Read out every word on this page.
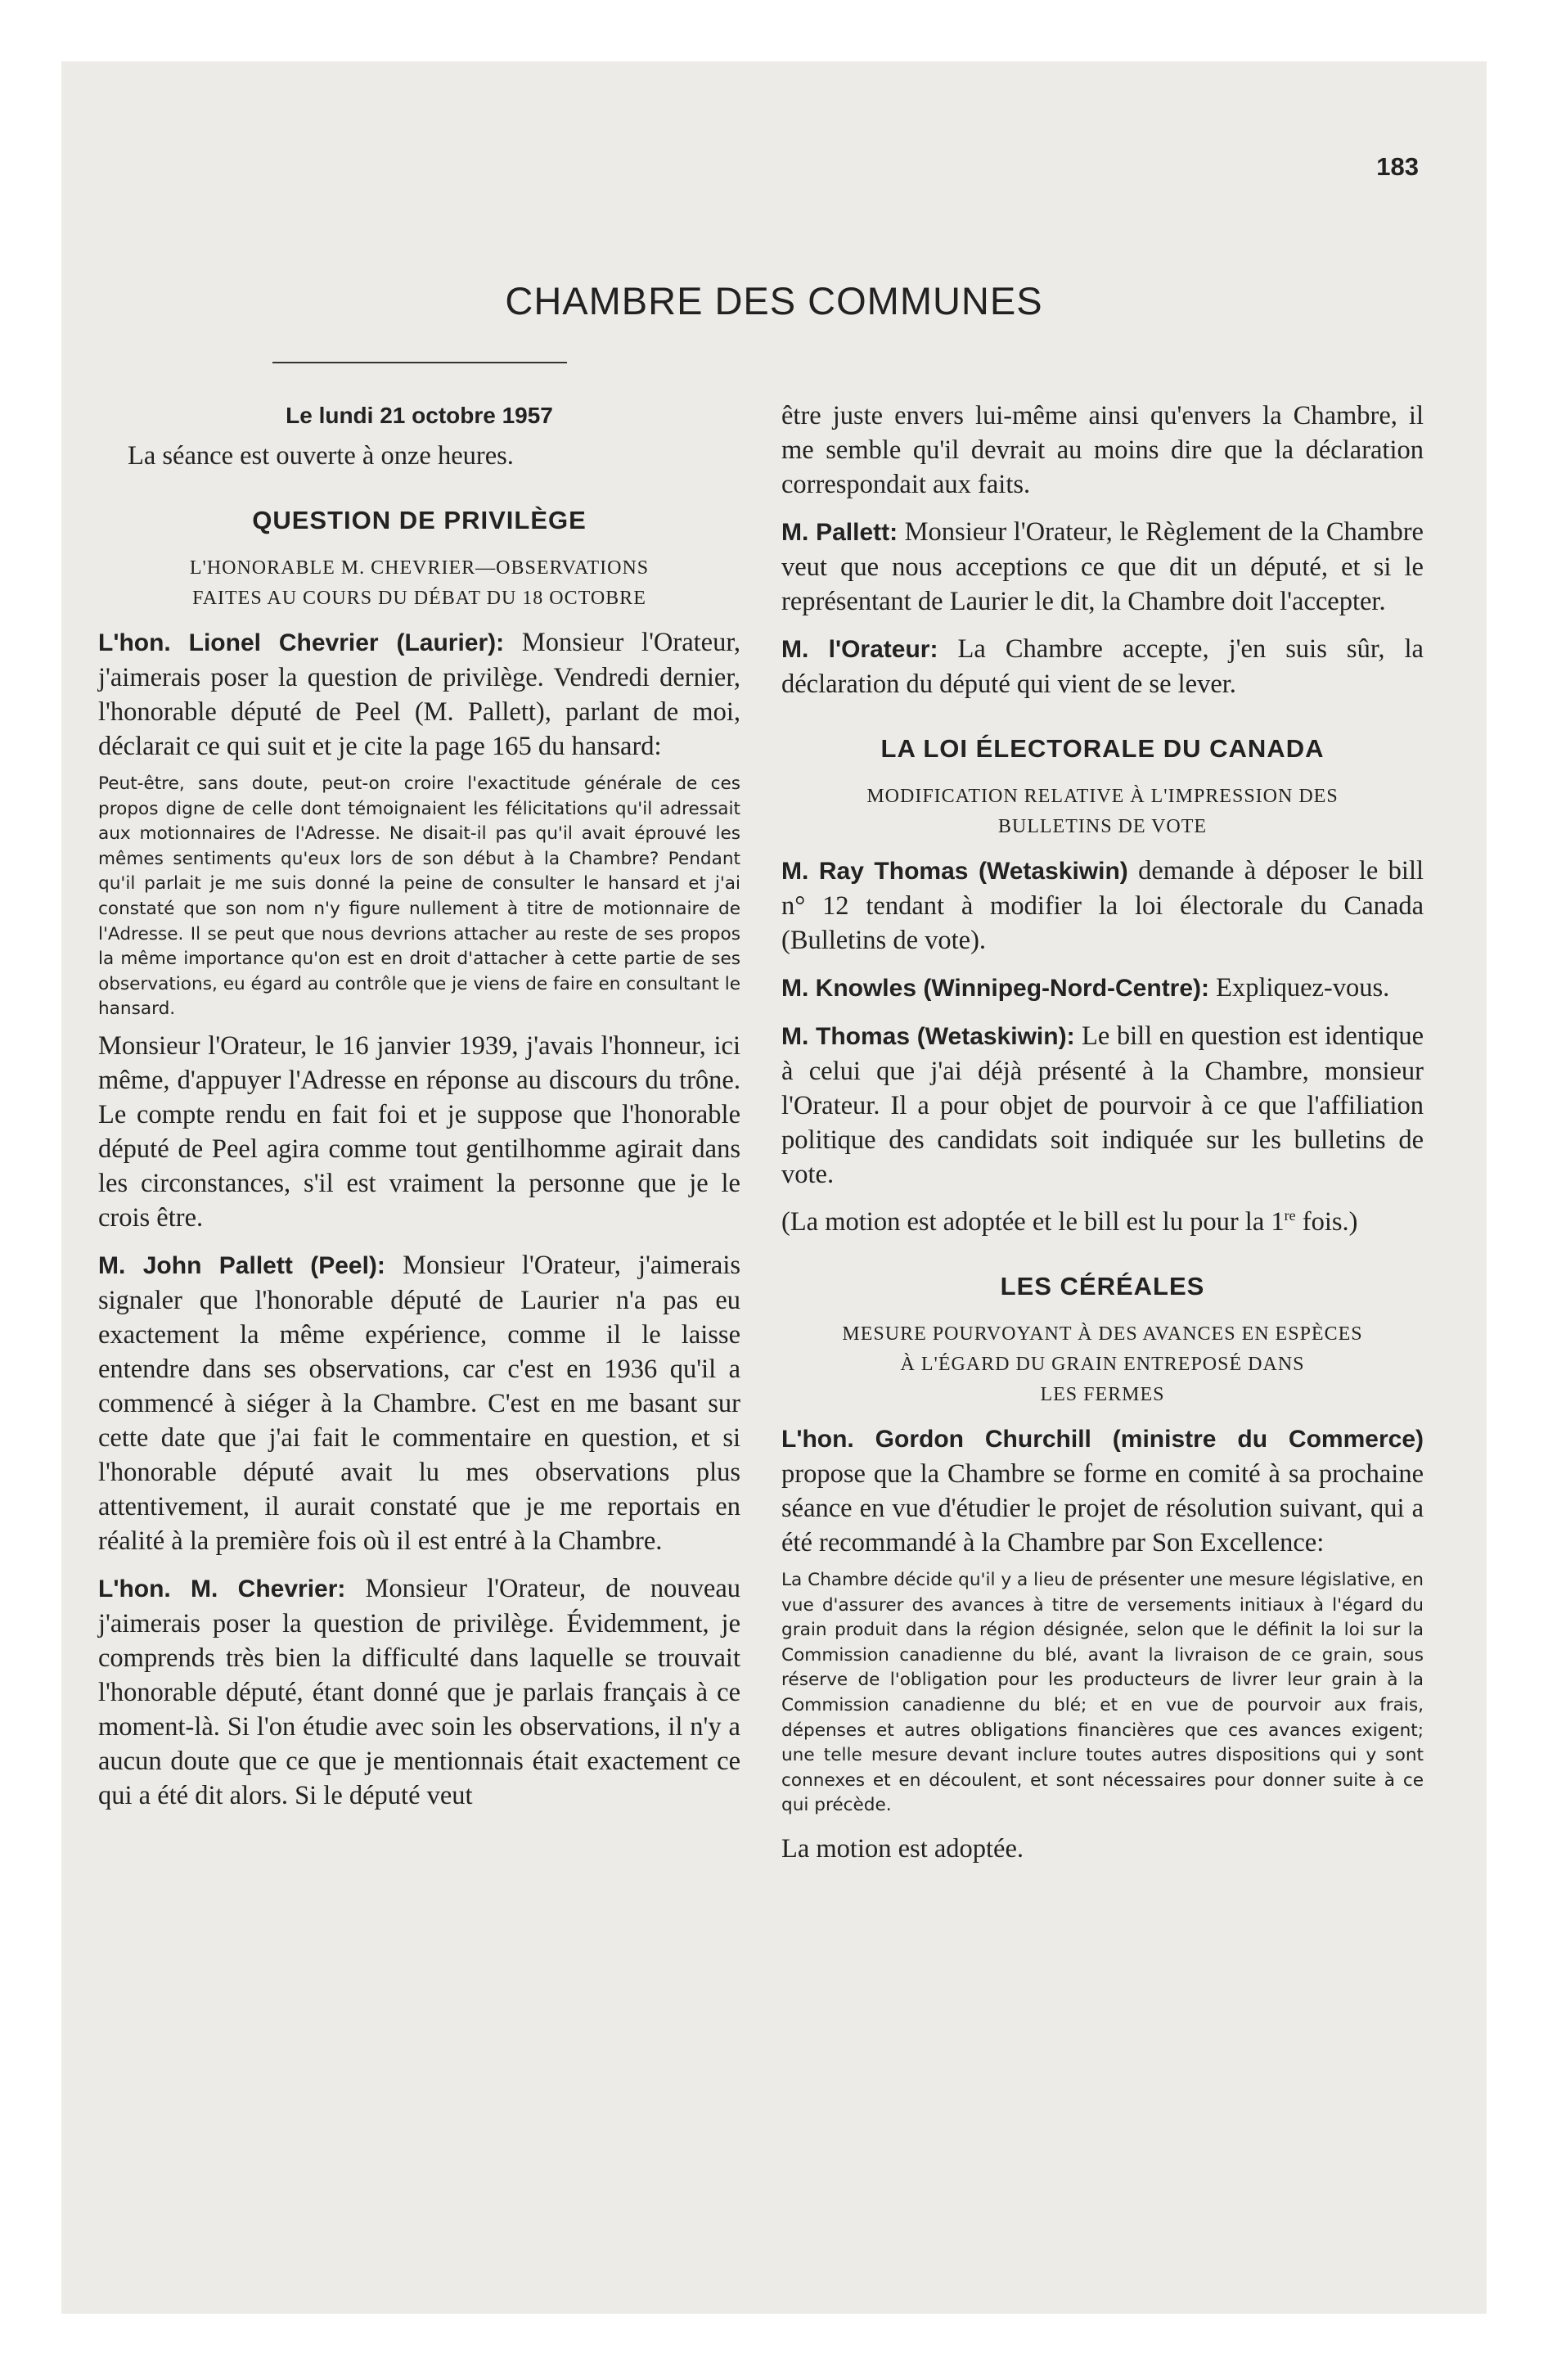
183
CHAMBRE DES COMMUNES
Le lundi 21 octobre 1957

La séance est ouverte à onze heures.

QUESTION DE PRIVILÈGE
L'HONORABLE M. CHEVRIER—OBSERVATIONS
FAITES AU COURS DU DÉBAT DU 18 OCTOBRE

L'hon. Lionel Chevrier (Laurier): Monsieur l'Orateur, j'aimerais poser la question de privilège. Vendredi dernier, l'honorable député de Peel (M. Pallett), parlant de moi, déclarait ce qui suit et je cite la page 165 du hansard:

Peut-être, sans doute, peut-on croire l'exactitude générale de ces propos digne de celle dont témoignaient les félicitations qu'il adressait aux motionnaires de l'Adresse. Ne disait-il pas qu'il avait éprouvé les mêmes sentiments qu'eux lors de son début à la Chambre? Pendant qu'il parlait je me suis donné la peine de consulter le hansard et j'ai constaté que son nom n'y figure nullement à titre de motionnaire de l'Adresse. Il se peut que nous devrions attacher au reste de ses propos la même importance qu'on est en droit d'attacher à cette partie de ses observations, eu égard au contrôle que je viens de faire en consultant le hansard.

Monsieur l'Orateur, le 16 janvier 1939, j'avais l'honneur, ici même, d'appuyer l'Adresse en réponse au discours du trône. Le compte rendu en fait foi et je suppose que l'honorable député de Peel agira comme tout gentilhomme agirait dans les circonstances, s'il est vraiment la personne que je le crois être.

M. John Pallett (Peel): Monsieur l'Orateur, j'aimerais signaler que l'honorable député de Laurier n'a pas eu exactement la même expérience, comme il le laisse entendre dans ses observations, car c'est en 1936 qu'il a commencé à siéger à la Chambre. C'est en me basant sur cette date que j'ai fait le commentaire en question, et si l'honorable député avait lu mes observations plus attentivement, il aurait constaté que je me reportais en réalité à la première fois où il est entré à la Chambre.

L'hon. M. Chevrier: Monsieur l'Orateur, de nouveau j'aimerais poser la question de privilège. Évidemment, je comprends très bien la difficulté dans laquelle se trouvait l'honorable député, étant donné que je parlais français à ce moment-là. Si l'on étudie avec soin les observations, il n'y a aucun doute que ce que je mentionnais était exactement ce qui a été dit alors. Si le député veut

être juste envers lui-même ainsi qu'envers la Chambre, il me semble qu'il devrait au moins dire que la déclaration correspondait aux faits.

M. Pallett: Monsieur l'Orateur, le Règlement de la Chambre veut que nous acceptions ce que dit un député, et si le représentant de Laurier le dit, la Chambre doit l'accepter.

M. l'Orateur: La Chambre accepte, j'en suis sûr, la déclaration du député qui vient de se lever.

LA LOI ÉLECTORALE DU CANADA
MODIFICATION RELATIVE À L'IMPRESSION DES
BULLETINS DE VOTE

M. Ray Thomas (Wetaskiwin) demande à déposer le bill n° 12 tendant à modifier la loi électorale du Canada (Bulletins de vote).

M. Knowles (Winnipeg-Nord-Centre): Expliquez-vous.

M. Thomas (Wetaskiwin): Le bill en question est identique à celui que j'ai déjà présenté à la Chambre, monsieur l'Orateur. Il a pour objet de pourvoir à ce que l'affiliation politique des candidats soit indiquée sur les bulletins de vote.

(La motion est adoptée et le bill est lu pour la 1re fois.)

LES CÉRÉALES
MESURE POURVOYANT À DES AVANCES EN ESPÈCES
À L'ÉGARD DU GRAIN ENTREPOSÉ DANS
LES FERMES

L'hon. Gordon Churchill (ministre du Commerce) propose que la Chambre se forme en comité à sa prochaine séance en vue d'étudier le projet de résolution suivant, qui a été recommandé à la Chambre par Son Excellence:

La Chambre décide qu'il y a lieu de présenter une mesure législative, en vue d'assurer des avances à titre de versements initiaux à l'égard du grain produit dans la région désignée, selon que le définit la loi sur la Commission canadienne du blé, avant la livraison de ce grain, sous réserve de l'obligation pour les producteurs de livrer leur grain à la Commission canadienne du blé; et en vue de pourvoir aux frais, dépenses et autres obligations financières que ces avances exigent; une telle mesure devant inclure toutes autres dispositions qui y sont connexes et en découlent, et sont nécessaires pour donner suite à ce qui précède.

La motion est adoptée.
